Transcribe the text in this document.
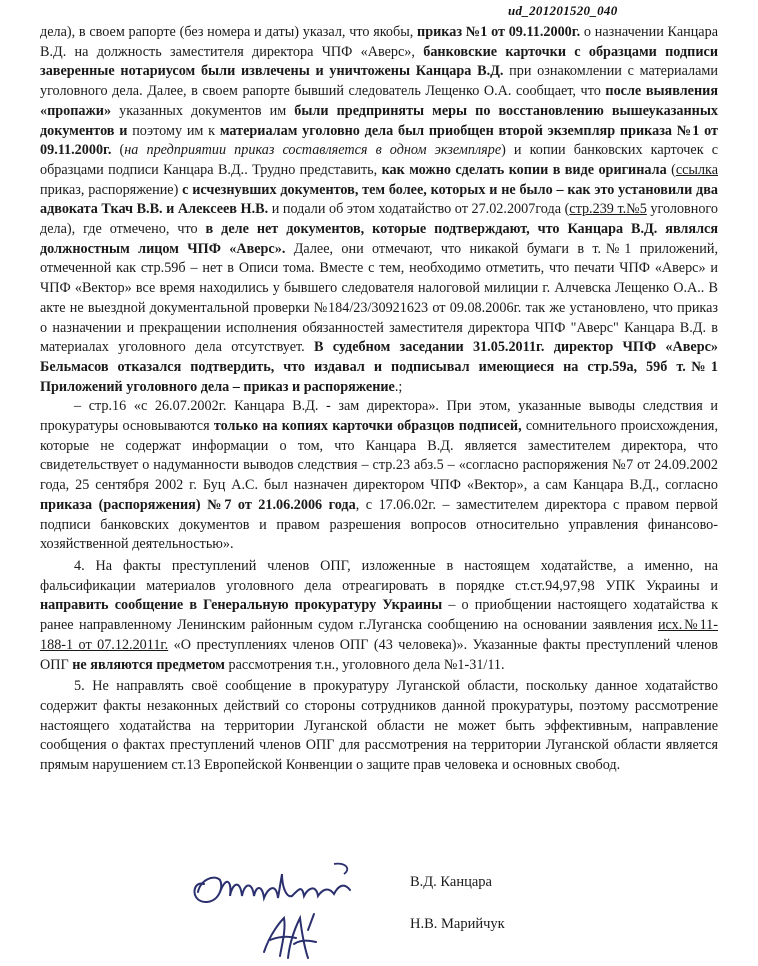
ud_201201520_040

дела), в своем рапорте (без номера и даты) указал, что якобы, приказ №1 от 09.11.2000г. о назначении Канцара В.Д. на должность заместителя директора ЧПФ «Аверс», банковские карточки с образцами подписи заверенные нотариусом были извлечены и уничтожены Канцара В.Д. при ознакомлении с материалами уголовного дела. Далее, в своем рапорте бывший следователь Лещенко О.А. сообщает, что после выявления «пропажи» указанных документов им были предприняты меры по восстановлению вышеуказанных документов и поэтому им к материалам уголовно дела был приобщен второй экземпляр приказа №1 от 09.11.2000г. (на предприятии приказ составляется в одном экземпляре) и копии банковских карточек с образцами подписи Канцара В.Д.. Трудно представить, как можно сделать копии в виде оригинала (ссылка приказ, распоряжение) с исчезнувших документов, тем более, которых и не было – как это установили два адвоката Ткач В.В. и Алексеев Н.В. и подали об этом ходатайство от 27.02.2007года (стр.239 т.№5 уголовного дела), где отмечено, что в деле нет документов, которые подтверждают, что Канцара В.Д. являлся должностным лицом ЧПФ «Аверс». Далее, они отмечают, что никакой бумаги в т.№1 приложений, отмеченной как стр.59б – нет в Описи тома. Вместе с тем, необходимо отметить, что печати ЧПФ «Аверс» и ЧПФ «Вектор» все время находились у бывшего следователя налоговой милиции г. Алчевска Лещенко О.А.. В акте не выездной документальной проверки №184/23/30921623 от 09.08.2006г. так же установлено, что приказ о назначении и прекращении исполнения обязанностей заместителя директора ЧПФ "Аверс" Канцара В.Д. в материалах уголовного дела отсутствует. В судебном заседании 31.05.2011г. директор ЧПФ «Аверс» Бельмасов отказался подтвердить, что издавал и подписывал имеющиеся на стр.59а, 59б т.№1 Приложений уголовного дела – приказ и распоряжение.;

– стр.16 «с 26.07.2002г. Канцара В.Д. - зам директора». При этом, указанные выводы следствия и прокуратуры основываются только на копиях карточки образцов подписей, сомнительного происхождения, которые не содержат информации о том, что Канцара В.Д. является заместителем директора, что свидетельствует о надуманности выводов следствия – стр.23 абз.5 – «согласно распоряжения №7 от 24.09.2002 года, 25 сентября 2002 г. Буц А.С. был назначен директором ЧПФ «Вектор», а сам Канцара В.Д., согласно приказа (распоряжения) №7 от 21.06.2006 года, с 17.06.02г. – заместителем директора с правом первой подписи банковских документов и правом разрешения вопросов относительно управления финансово-хозяйственной деятельностью».

4. На факты преступлений членов ОПГ, изложенные в настоящем ходатайстве, а именно, на фальсификации материалов уголовного дела отреагировать в порядке ст.ст.94,97,98 УПК Украины и направить сообщение в Генеральную прокуратуру Украины – о приобщении настоящего ходатайства к ранее направленному Ленинским районным судом г.Луганска сообщению на основании заявления исх.№11-188-1 от 07.12.2011г. «О преступлениях членов ОПГ (43 человека)». Указанные факты преступлений членов ОПГ не являются предметом рассмотрения т.н., уголовного дела №1-31/11.

5. Не направлять своё сообщение в прокуратуру Луганской области, поскольку данное ходатайство содержит факты незаконных действий со стороны сотрудников данной прокуратуры, поэтому рассмотрение настоящего ходатайства на территории Луганской области не может быть эффективным, направление сообщения о фактах преступлений членов ОПГ для рассмотрения на территории Луганской области является прямым нарушением ст.13 Европейской Конвенции о защите прав человека и основных свобод.

В.Д. Канцара
Н.В. Марийчук
